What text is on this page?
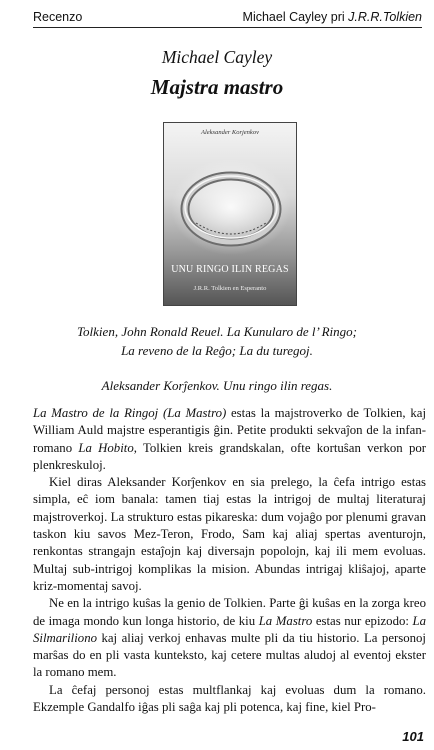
Recenzo	Michael Cayley pri J.R.R.Tolkien
Michael Cayley
Majstra mastro
Aleksander Korjenkov
UNU RINGO ILIN REGAS
J.R.R. Tolkien en Esperanto

Tolkien, John Ronald Reuel. La Kunularo de l’ Ringo;

La reveno de la Reĝo; La du turegoj.

Aleksander Korĵenkov. Unu ringo ilin regas.

La Mastro de la Ringoj (La Mastro) estas la majstroverko de Tolkien, kaj William Auld majstre esperantigis ĝin. Petite produkti sekvaĵon de la infan-romano La Hobito, Tolkien kreis grandskalan, ofte kortuŝan verkon por plenkreskuloj.

Kiel diras Aleksander Korĵenkov en sia prelego, la ĉefa intrigo estas simpla, eĉ iom banala: tamen tiaj estas la intrigoj de multaj literaturaj majstroverkoj. La strukturo estas pikareska: dum vojaĝo por plenumi gravan taskon kiu savos Mez-Teron, Frodo, Sam kaj aliaj spertas aventurojn, renkontas strangajn estaĵojn kaj diversajn popolojn, kaj ili mem evoluas. Multaj sub-intrigoj komplikas la mision. Abundas intrigaj kliŝajoj, aparte kriz-momentaj savoj.

Ne en la intrigo kuŝas la genio de Tolkien. Parte ĝi kuŝas en la zorga kreo de imaga mondo kun longa historio, de kiu La Mastro estas nur epizodo: La Silmariliono kaj aliaj verkoj enhavas multe pli da tiu historio. La personoj marŝas do en pli vasta kunteksto, kaj cetere multas aludoj al eventoj ekster la romano mem.

La ĉefaj personoj estas multflankaj kaj evoluas dum la romano. Ekzemple Gandalfo iĝas pli saĝa kaj pli potenca, kaj fine, kiel Pro-

101
